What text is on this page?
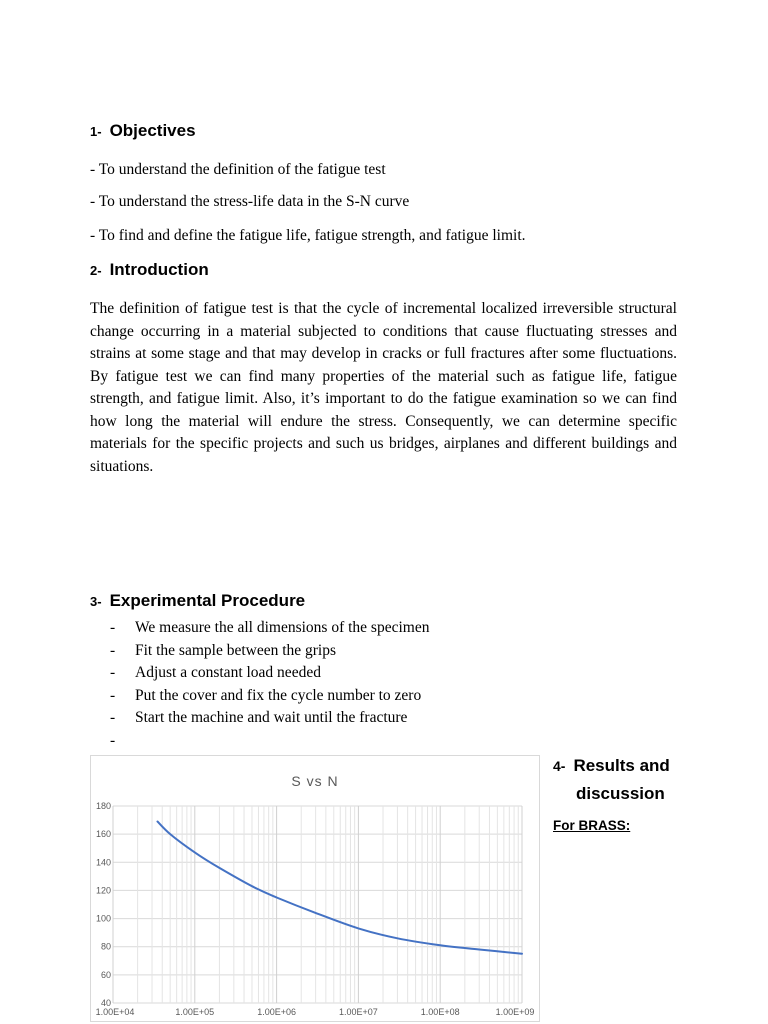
1- Objectives

- To understand the definition of the fatigue test

- To understand the stress-life data in the S-N curve

- To find and define the fatigue life, fatigue strength, and fatigue limit.

2- Introduction

The definition of fatigue test is that the cycle of incremental localized irreversible structural change occurring in a material subjected to conditions that cause fluctuating stresses and strains at some stage and that may develop in cracks or full fractures after some fluctuations. By fatigue test we can find many properties of the material such as fatigue life, fatigue strength, and fatigue limit. Also, it’s important to do the fatigue examination so we can find how long the material will endure the stress. Consequently, we can determine specific materials for the specific projects and such us bridges, airplanes and different buildings and situations.

3- Experimental Procedure
-	We measure the all dimensions of the specimen
-	Fit the sample between the grips
-	Adjust a constant load needed
-	Put the cover and fix the cycle number to zero
-	Start the machine and wait until the fracture
-
S vs N
40
60
80
100
120
140
160
180
1.00E+04	1.00E+05	1.00E+06	1.00E+07	1.00E+08	1.00E+09
4- Results and
discussion

For BRASS:
